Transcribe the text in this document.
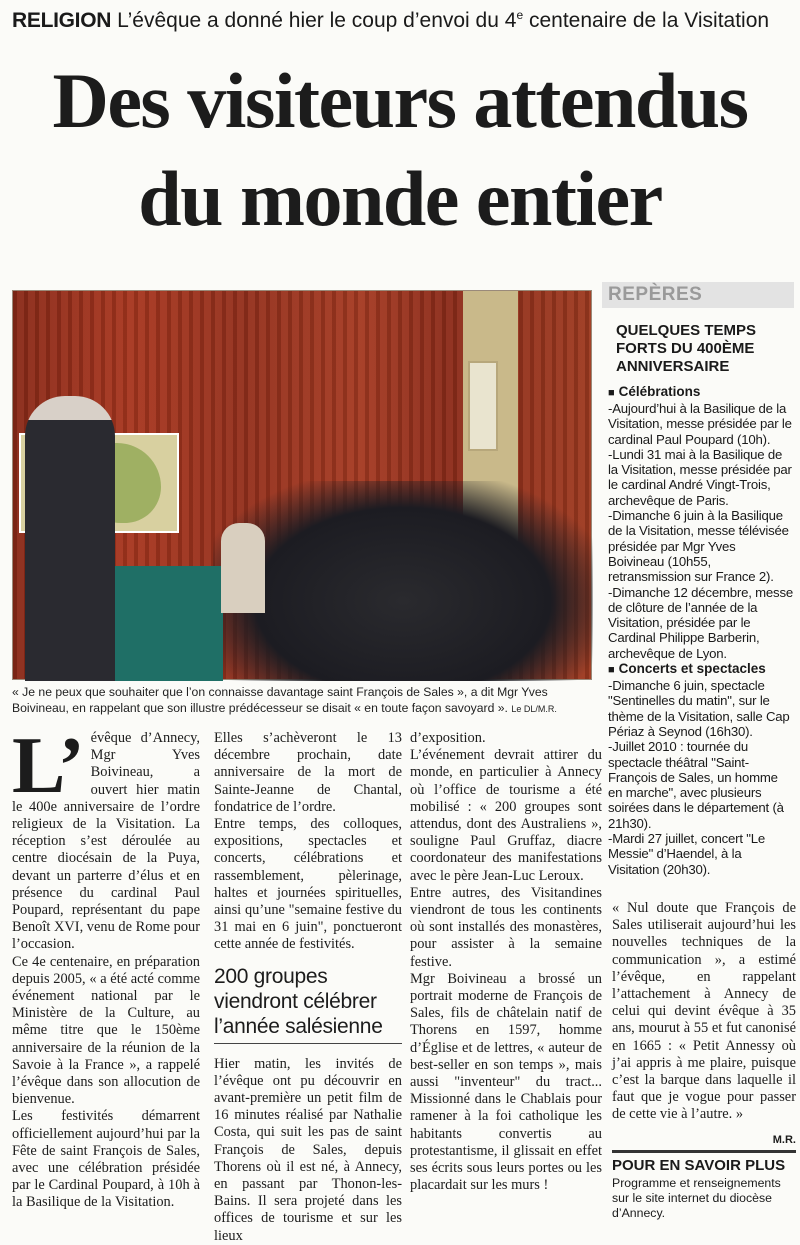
RELIGION L’évêque a donné hier le coup d’envoi du 4e centenaire de la Visitation
Des visiteurs attendus
du monde entier
« Je ne peux que souhaiter que l’on connaisse davantage saint François de Sales », a dit Mgr Yves Boivineau, en rappelant que son illustre prédécesseur se disait « en toute façon savoyard ». Le DL/M.R.
REPÈRES
QUELQUES TEMPS FORTS DU 400ÈME ANNIVERSAIRE
■ Célébrations
-Aujourd’hui à la Basilique de la Visitation, messe présidée par le cardinal Paul Poupard (10h).
-Lundi 31 mai à la Basilique de la Visitation, messe présidée par le cardinal André Vingt-Trois, archevêque de Paris.
-Dimanche 6 juin à la Basilique de la Visitation, messe télévisée présidée par Mgr Yves Boivineau (10h55, retransmission sur France 2).
-Dimanche 12 décembre, messe de clôture de l’année de la Visitation, présidée par le Cardinal Philippe Barberin, archevêque de Lyon.
■ Concerts et spectacles
-Dimanche 6 juin, spectacle "Sentinelles du matin", sur le thème de la Visitation, salle Cap Périaz à Seynod (16h30).
-Juillet 2010 : tournée du spectacle théâtral "Saint-François de Sales, un homme en marche", avec plusieurs soirées dans le département (à 21h30).
-Mardi 27 juillet, concert "Le Messie" d’Haendel, à la Visitation (20h30).
L’ évêque d’Annecy, Mgr Yves Boivineau, a ouvert hier matin le 400e anniversaire de l’ordre religieux de la Visitation. La réception s’est déroulée au centre diocésain de la Puya, devant un parterre d’élus et en présence du cardinal Paul Poupard, représentant du pape Benoît XVI, venu de Rome pour l’occasion.

Ce 4e centenaire, en préparation depuis 2005, « a été acté comme événement national par le Ministère de la Culture, au même titre que le 150ème anniversaire de la réunion de la Savoie à la France », a rappelé l’évêque dans son allocution de bienvenue.

Les festivités démarrent officiellement aujourd’hui par la Fête de saint François de Sales, avec une célébration présidée par le Cardinal Poupard, à 10h à la Basilique de la Visitation.

Elles s’achèveront le 13 décembre prochain, date anniversaire de la mort de Sainte-Jeanne de Chantal, fondatrice de l’ordre.

Entre temps, des colloques, expositions, spectacles et concerts, célébrations et rassemblement, pèlerinage, haltes et journées spirituelles, ainsi qu’une "semaine festive du 31 mai en 6 juin", ponctueront cette année de festivités.

200 groupes viendront célébrer l’année salésienne

Hier matin, les invités de l’évêque ont pu découvrir en avant-première un petit film de 16 minutes réalisé par Nathalie Costa, qui suit les pas de saint François de Sales, depuis Thorens où il est né, à Annecy, en passant par Thonon-les-Bains. Il sera projeté dans les offices de tourisme et sur les lieux

d’exposition.

L’événement devrait attirer du monde, en particulier à Annecy où l’office de tourisme a été mobilisé : « 200 groupes sont attendus, dont des Australiens », souligne Paul Gruffaz, diacre coordonateur des manifestations avec le père Jean-Luc Leroux.

Entre autres, des Visitandines viendront de tous les continents où sont installés des monastères, pour assister à la semaine festive.

Mgr Boivineau a brossé un portrait moderne de François de Sales, fils de châtelain natif de Thorens en 1597, homme d’Église et de lettres, « auteur de best-seller en son temps », mais aussi "inventeur" du tract... Missionné dans le Chablais pour ramener à la foi catholique les habitants convertis au protestantisme, il glissait en effet ses écrits sous leurs portes ou les placardait sur les murs !

« Nul doute que François de Sales utiliserait aujourd’hui les nouvelles techniques de la communication », a estimé l’évêque, en rappelant l’attachement à Annecy de celui qui devint évêque à 35 ans, mourut à 55 et fut canonisé en 1665 : « Petit Annessy où j’ai appris à me plaire, puisque c’est la barque dans laquelle il faut que je vogue pour passer de cette vie à l’autre. »

M.R.
POUR EN SAVOIR PLUS
Programme et renseignements sur le site internet du diocèse d’Annecy.
